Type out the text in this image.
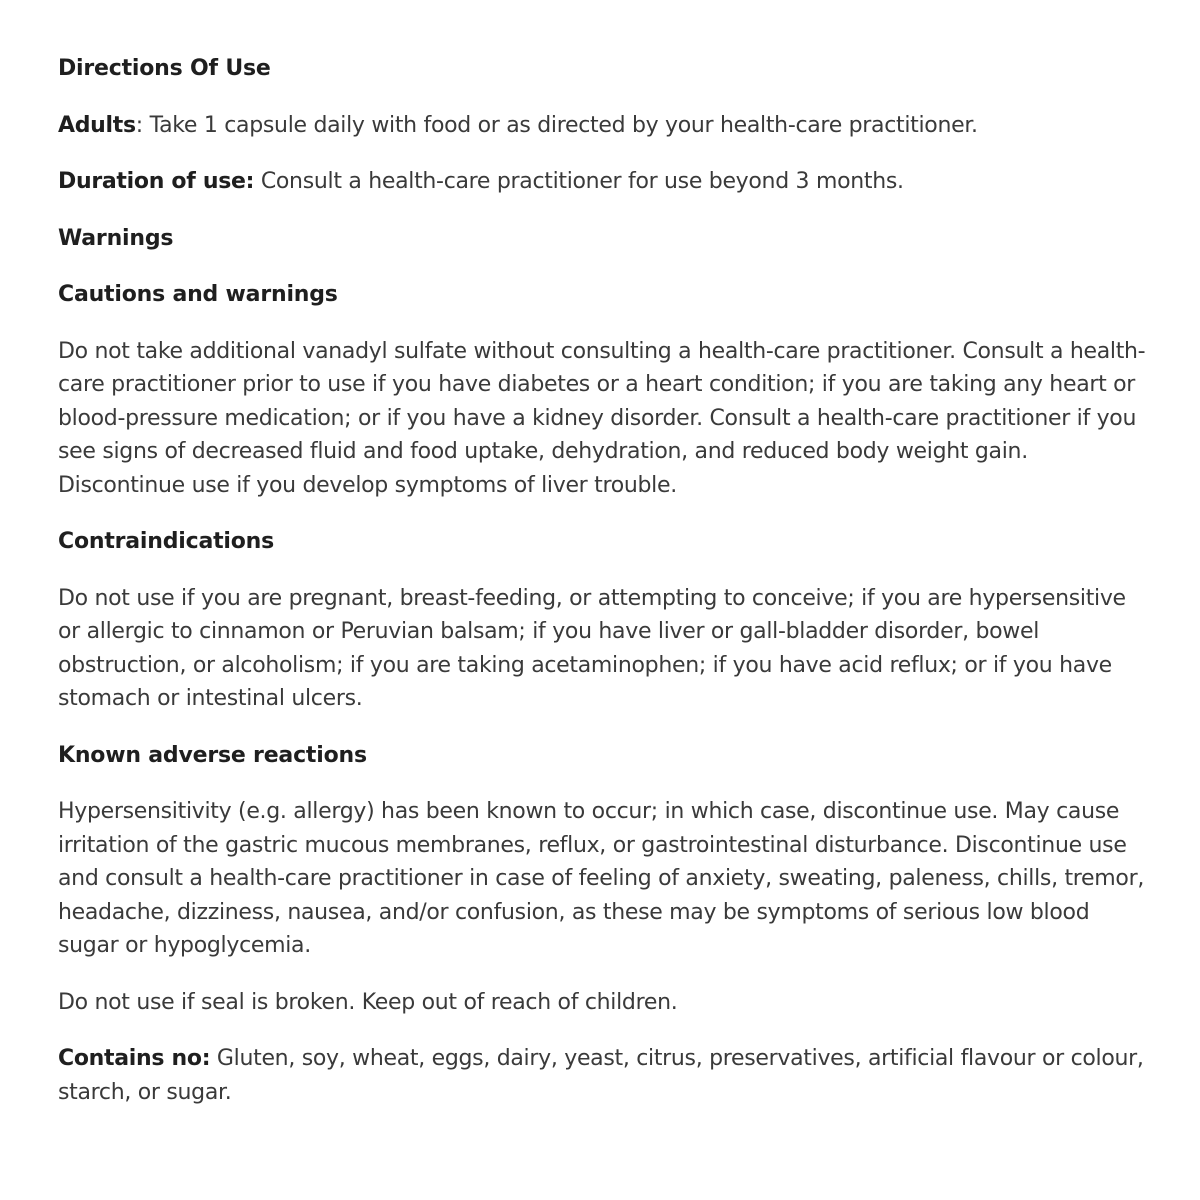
Directions Of Use

Adults: Take 1 capsule daily with food or as directed by your health-care practitioner.

Duration of use: Consult a health-care practitioner for use beyond 3 months.

Warnings

Cautions and warnings

Do not take additional vanadyl sulfate without consulting a health-care practitioner. Consult a health-care practitioner prior to use if you have diabetes or a heart condition; if you are taking any heart or blood-pressure medication; or if you have a kidney disorder. Consult a health-care practitioner if you see signs of decreased fluid and food uptake, dehydration, and reduced body weight gain. Discontinue use if you develop symptoms of liver trouble.

Contraindications

Do not use if you are pregnant, breast-feeding, or attempting to conceive; if you are hypersensitive or allergic to cinnamon or Peruvian balsam; if you have liver or gall-bladder disorder, bowel obstruction, or alcoholism; if you are taking acetaminophen; if you have acid reflux; or if you have stomach or intestinal ulcers.

Known adverse reactions

Hypersensitivity (e.g. allergy) has been known to occur; in which case, discontinue use. May cause irritation of the gastric mucous membranes, reflux, or gastrointestinal disturbance. Discontinue use and consult a health-care practitioner in case of feeling of anxiety, sweating, paleness, chills, tremor, headache, dizziness, nausea, and/or confusion, as these may be symptoms of serious low blood sugar or hypoglycemia.

Do not use if seal is broken. Keep out of reach of children.

Contains no: Gluten, soy, wheat, eggs, dairy, yeast, citrus, preservatives, artificial flavour or colour, starch, or sugar.
